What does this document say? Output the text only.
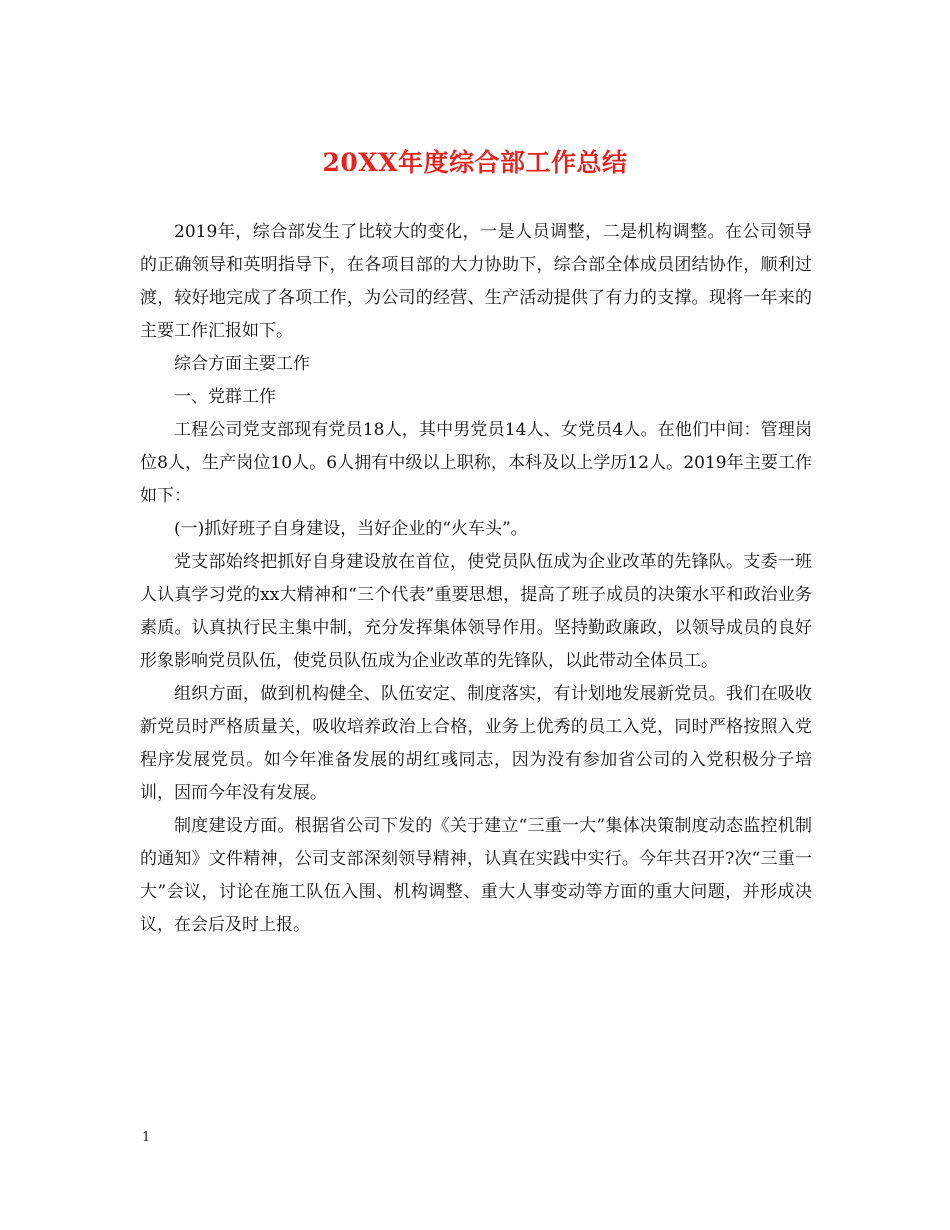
20XX年度综合部工作总结

2019年，综合部发生了比较大的变化，一是人员调整，二是机构调整。在公司领导的正确领导和英明指导下，在各项目部的大力协助下，综合部全体成员团结协作，顺利过渡，较好地完成了各项工作，为公司的经营、生产活动提供了有力的支撑。现将一年来的主要工作汇报如下。

综合方面主要工作

一、党群工作

工程公司党支部现有党员18人，其中男党员14人、女党员4人。在他们中间：管理岗位8人，生产岗位10人。6人拥有中级以上职称，本科及以上学历12人。2019年主要工作如下：

(一)抓好班子自身建设，当好企业的“火车头”。

党支部始终把抓好自身建设放在首位，使党员队伍成为企业改革的先锋队。支委一班人认真学习党的xx大精神和“三个代表”重要思想，提高了班子成员的决策水平和政治业务素质。认真执行民主集中制，充分发挥集体领导作用。坚持勤政廉政，以领导成员的良好形象影响党员队伍，使党员队伍成为企业改革的先锋队，以此带动全体员工。

组织方面，做到机构健全、队伍安定、制度落实，有计划地发展新党员。我们在吸收新党员时严格质量关，吸收培养政治上合格，业务上优秀的员工入党，同时严格按照入党程序发展党员。如今年准备发展的胡红彧同志，因为没有参加省公司的入党积极分子培训，因而今年没有发展。

制度建设方面。根据省公司下发的《关于建立“三重一大”集体决策制度动态监控机制的通知》文件精神，公司支部深刻领导精神，认真在实践中实行。今年共召开?次“三重一大”会议，讨论在施工队伍入围、机构调整、重大人事变动等方面的重大问题，并形成决议，在会后及时上报。

1
